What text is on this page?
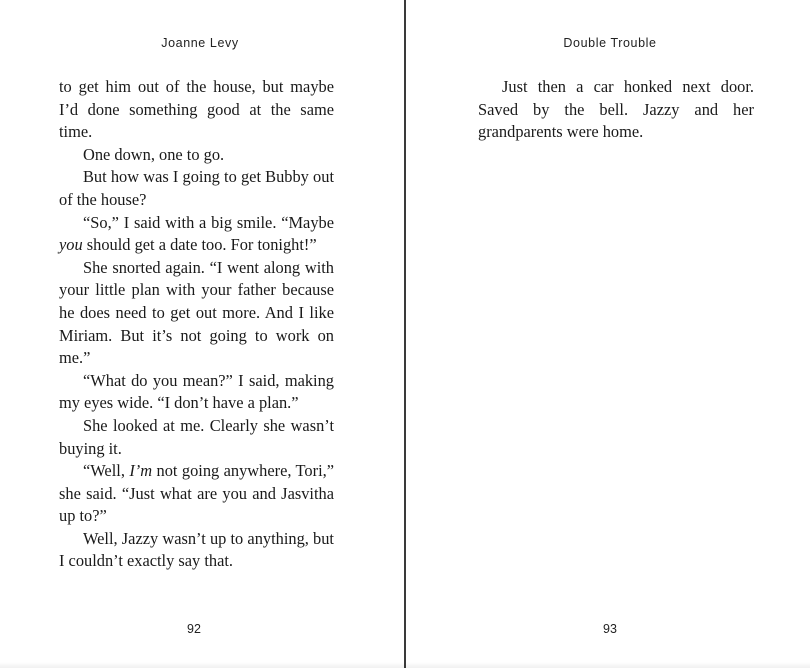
Joanne Levy

to get him out of the house, but maybe I’d done something good at the same time.

One down, one to go.

But how was I going to get Bubby out of the house?

“So,” I said with a big smile. “Maybe you should get a date too. For tonight!”

She snorted again. “I went along with your little plan with your father because he does need to get out more. And I like Miriam. But it’s not going to work on me.”

“What do you mean?” I said, making my eyes wide. “I don’t have a plan.”

She looked at me. Clearly she wasn’t buying it.

“Well, I’m not going anywhere, Tori,” she said. “Just what are you and Jasvitha up to?”

Well, Jazzy wasn’t up to anything, but I couldn’t exactly say that.

92
Double Trouble

Just then a car honked next door. Saved by the bell. Jazzy and her grandparents were home.

93
